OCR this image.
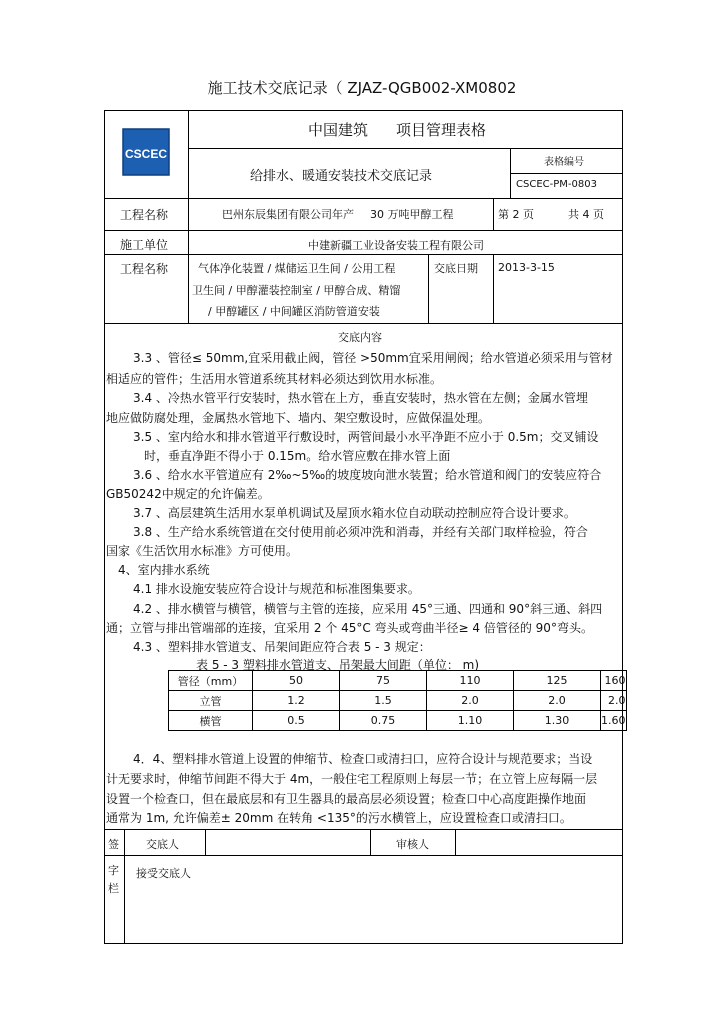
施工技术交底记录（ ZJAZ-QGB002-XM0802
CSCEC
中国建筑 项目管理表格
给排水、暖通安装技术交底记录
表格编号
CSCEC-PM-0803
工程名称	巴州东辰集团有限公司年产 30 万吨甲醇工程	第 2 页	共 4 页
施工单位	中建新疆工业设备安装工程有限公司
工程名称	气体净化装置 / 煤储运卫生间 / 公用工程
卫生间 / 甲醇灌装控制室 / 甲醇合成、精馏
/ 甲醇罐区 / 中间罐区消防管道安装
交底日期 2013-3-15
交底内容
3.3 、管径≤ 50mm,宜采用截止阀，管径 >50mm宜采用闸阀；给水管道必须采用与管材
相适应的管件；生活用水管道系统其材料必须达到饮用水标准。
3.4 、冷热水管平行安装时，热水管在上方，垂直安装时，热水管在左侧；金属水管埋
地应做防腐处理，金属热水管地下、墙内、架空敷设时，应做保温处理。
3.5 、室内给水和排水管道平行敷设时，两管间最小水平净距不应小于 0.5m；交叉铺设
时，垂直净距不得小于 0.15m。给水管应敷在排水管上面
3.6 、给水水平管道应有 2‰~5‰的坡度坡向泄水装置；给水管道和阀门的安装应符合
GB50242中规定的允许偏差。
3.7 、高层建筑生活用水泵单机调试及屋顶水箱水位自动联动控制应符合设计要求。
3.8 、生产给水系统管道在交付使用前必须冲洗和消毒，并经有关部门取样检验，符合
国家《生活饮用水标准》方可使用。
4、室内排水系统
4.1 排水设施安装应符合设计与规范和标准图集要求。
4.2 、排水横管与横管，横管与主管的连接，应采用 45°三通、四通和 90°斜三通、斜四
通；立管与排出管端部的连接，宜采用 2 个 45°C 弯头或弯曲半径≥ 4 倍管径的 90°弯头。
4.3 、塑料排水管道支、吊架间距应符合表 5 - 3 规定：
表 5 - 3 塑料排水管道支、吊架最大间距（单位： m)
管径（mm）	50	75	110	125	160
立管	1.2	1.5	2.0	2.0	2.0
横管	0.5	0.75	1.10	1.30	1.60
4．4、塑料排水管道上设置的伸缩节、检查口或清扫口，应符合设计与规范要求；当设
计无要求时，伸缩节间距不得大于 4m，一般住宅工程原则上每层一节；在立管上应每隔一层
设置一个检查口，但在最底层和有卫生器具的最高层必须设置；检查口中心高度距操作地面
通常为 1m, 允许偏差± 20mm 在转角 <135°的污水横管上，应设置检查口或清扫口。
签
字
栏
交底人	审核人
接受交底人
